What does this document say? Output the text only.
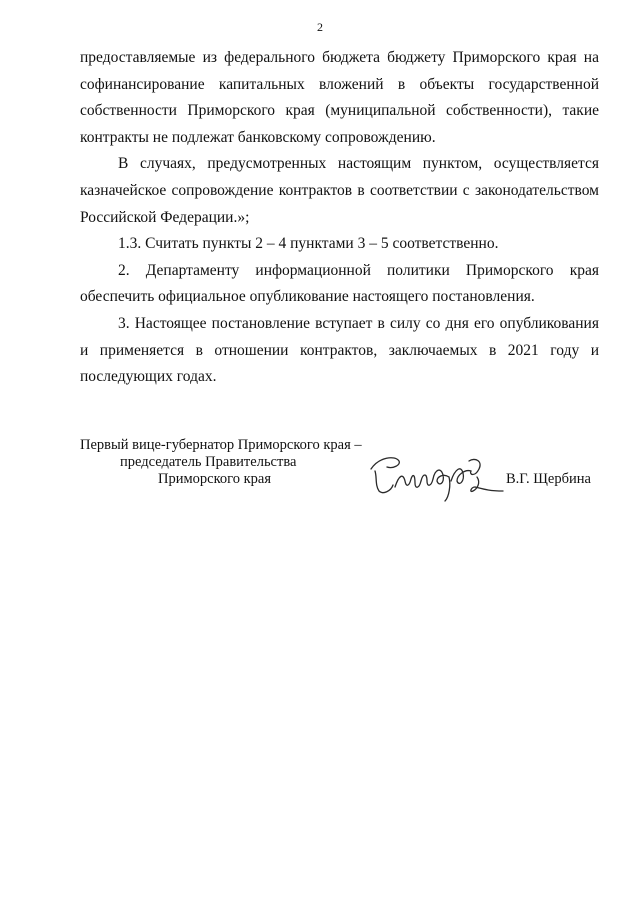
2

предоставляемые из федерального бюджета бюджету Приморского края на софинансирование капитальных вложений в объекты государственной собственности Приморского края (муниципальной собственности), такие контракты не подлежат банковскому сопровождению.

В случаях, предусмотренных настоящим пунктом, осуществляется казначейское сопровождение контрактов в соответствии с законодательством Российской Федерации.»;

1.3. Считать пункты 2 – 4 пунктами 3 – 5 соответственно.

2. Департаменту информационной политики Приморского края обеспечить официальное опубликование настоящего постановления.

3. Настоящее постановление вступает в силу со дня его опубликования и применяется в отношении контрактов, заключаемых в 2021 году и последующих годах.

Первый вице-губернатор Приморского края –
председатель Правительства
Приморского края	В.Г. Щербина
